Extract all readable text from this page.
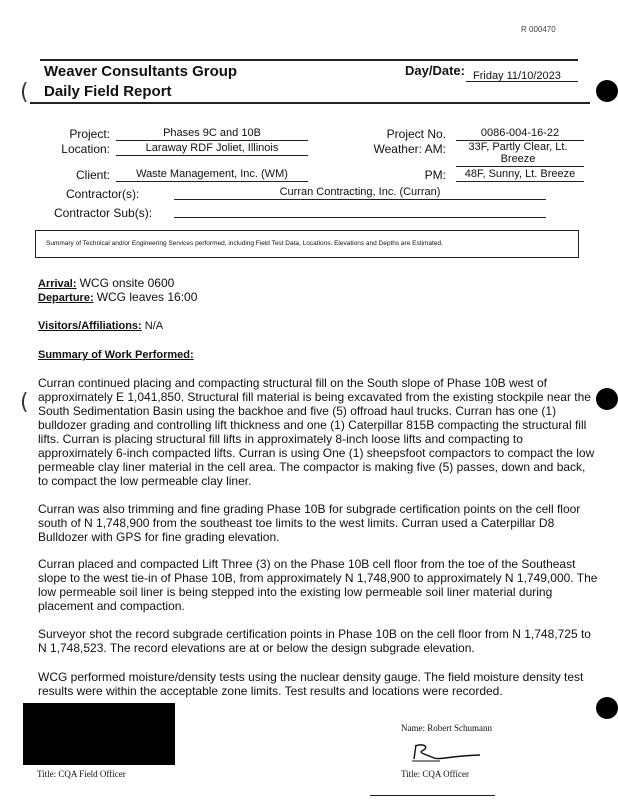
R 000470
Weaver Consultants Group
Daily Field Report
Day/Date: Friday 11/10/2023
(
(
Project:	Phases 9C and 10B
Location:	Laraway RDF Joliet, Illinois
Client:	Waste Management, Inc. (WM)
Project No.	0086-004-16-22
Weather: AM: 33F, Partly Clear, Lt. Breeze
PM:	48F, Sunny, Lt. Breeze
Contractor(s):	Curran Contracting, Inc. (Curran)
Contractor Sub(s):
Summary of Technical and/or Engineering Services performed, including Field Test Data, Locations. Elevations and Depths are Estimated.
Arrival: WCG onsite 0600
Departure: WCG leaves 16:00
Visitors/Affiliations: N/A
Summary of Work Performed:
Curran continued placing and compacting structural fill on the South slope of Phase 10B west of approximately E 1,041,850. Structural fill material is being excavated from the existing stockpile near the South Sedimentation Basin using the backhoe and five (5) offroad haul trucks. Curran has one (1) bulldozer grading and controlling lift thickness and one (1) Caterpillar 815B compacting the structural fill lifts. Curran is placing structural fill lifts in approximately 8-inch loose lifts and compacting to approximately 6-inch compacted lifts. Curran is using One (1) sheepsfoot compactors to compact the low permeable clay liner material in the cell area. The compactor is making five (5) passes, down and back, to compact the low permeable clay liner.
Curran was also trimming and fine grading Phase 10B for subgrade certification points on the cell floor south of N 1,748,900 from the southeast toe limits to the west limits. Curran used a Caterpillar D8 Bulldozer with GPS for fine grading elevation.
Curran placed and compacted Lift Three (3) on the Phase 10B cell floor from the toe of the Southeast slope to the west tie-in of Phase 10B, from approximately N 1,748,900 to approximately N 1,749,000. The low permeable soil liner is being stepped into the existing low permeable soil liner material during placement and compaction.
Surveyor shot the record subgrade certification points in Phase 10B on the cell floor from N 1,748,725 to N 1,748,523. The record elevations are at or below the design subgrade elevation.
WCG performed moisture/density tests using the nuclear density gauge. The field moisture density test results were within the acceptable zone limits. Test results and locations were recorded.
Title: CQA Field Officer
Name: Robert Schumann
Title: CQA Officer
